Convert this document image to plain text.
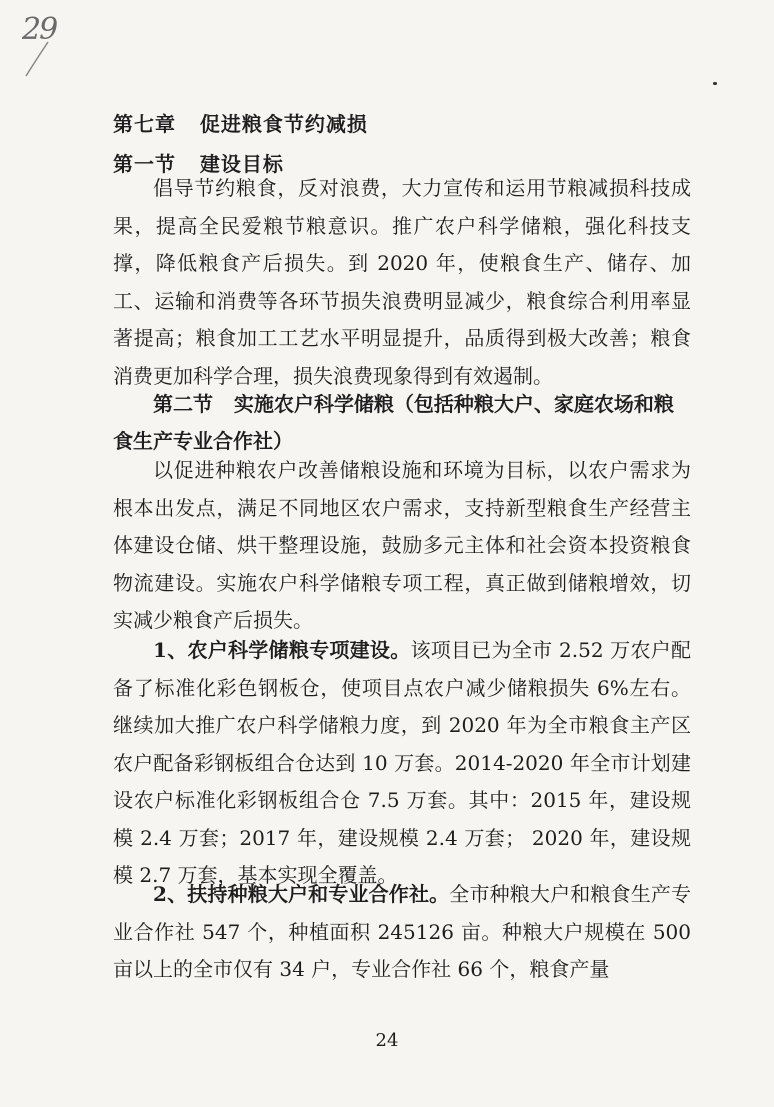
29
第七章 促进粮食节约减损
第一节 建设目标

倡导节约粮食，反对浪费，大力宣传和运用节粮减损科技成果，提高全民爱粮节粮意识。推广农户科学储粮，强化科技支撑，降低粮食产后损失。到 2020 年，使粮食生产、储存、加工、运输和消费等各环节损失浪费明显减少，粮食综合利用率显著提高；粮食加工工艺水平明显提升，品质得到极大改善；粮食消费更加科学合理，损失浪费现象得到有效遏制。

第二节 实施农户科学储粮（包括种粮大户、家庭农场和粮食生产专业合作社）

以促进种粮农户改善储粮设施和环境为目标，以农户需求为根本出发点，满足不同地区农户需求，支持新型粮食生产经营主体建设仓储、烘干整理设施，鼓励多元主体和社会资本投资粮食物流建设。实施农户科学储粮专项工程，真正做到储粮增效，切实减少粮食产后损失。

1、农户科学储粮专项建设。该项目已为全市 2.52 万农户配备了标准化彩色钢板仓，使项目点农户减少储粮损失 6%左右。继续加大推广农户科学储粮力度，到 2020 年为全市粮食主产区农户配备彩钢板组合仓达到 10 万套。2014-2020 年全市计划建设农户标准化彩钢板组合仓 7.5 万套。其中：2015 年，建设规模 2.4 万套；2017 年，建设规模 2.4 万套； 2020 年，建设规模 2.7 万套，基本实现全覆盖。

2、扶持种粮大户和专业合作社。全市种粮大户和粮食生产专业合作社 547 个，种植面积 245126 亩。种粮大户规模在 500 亩以上的全市仅有 34 户，专业合作社 66 个，粮食产量

24
